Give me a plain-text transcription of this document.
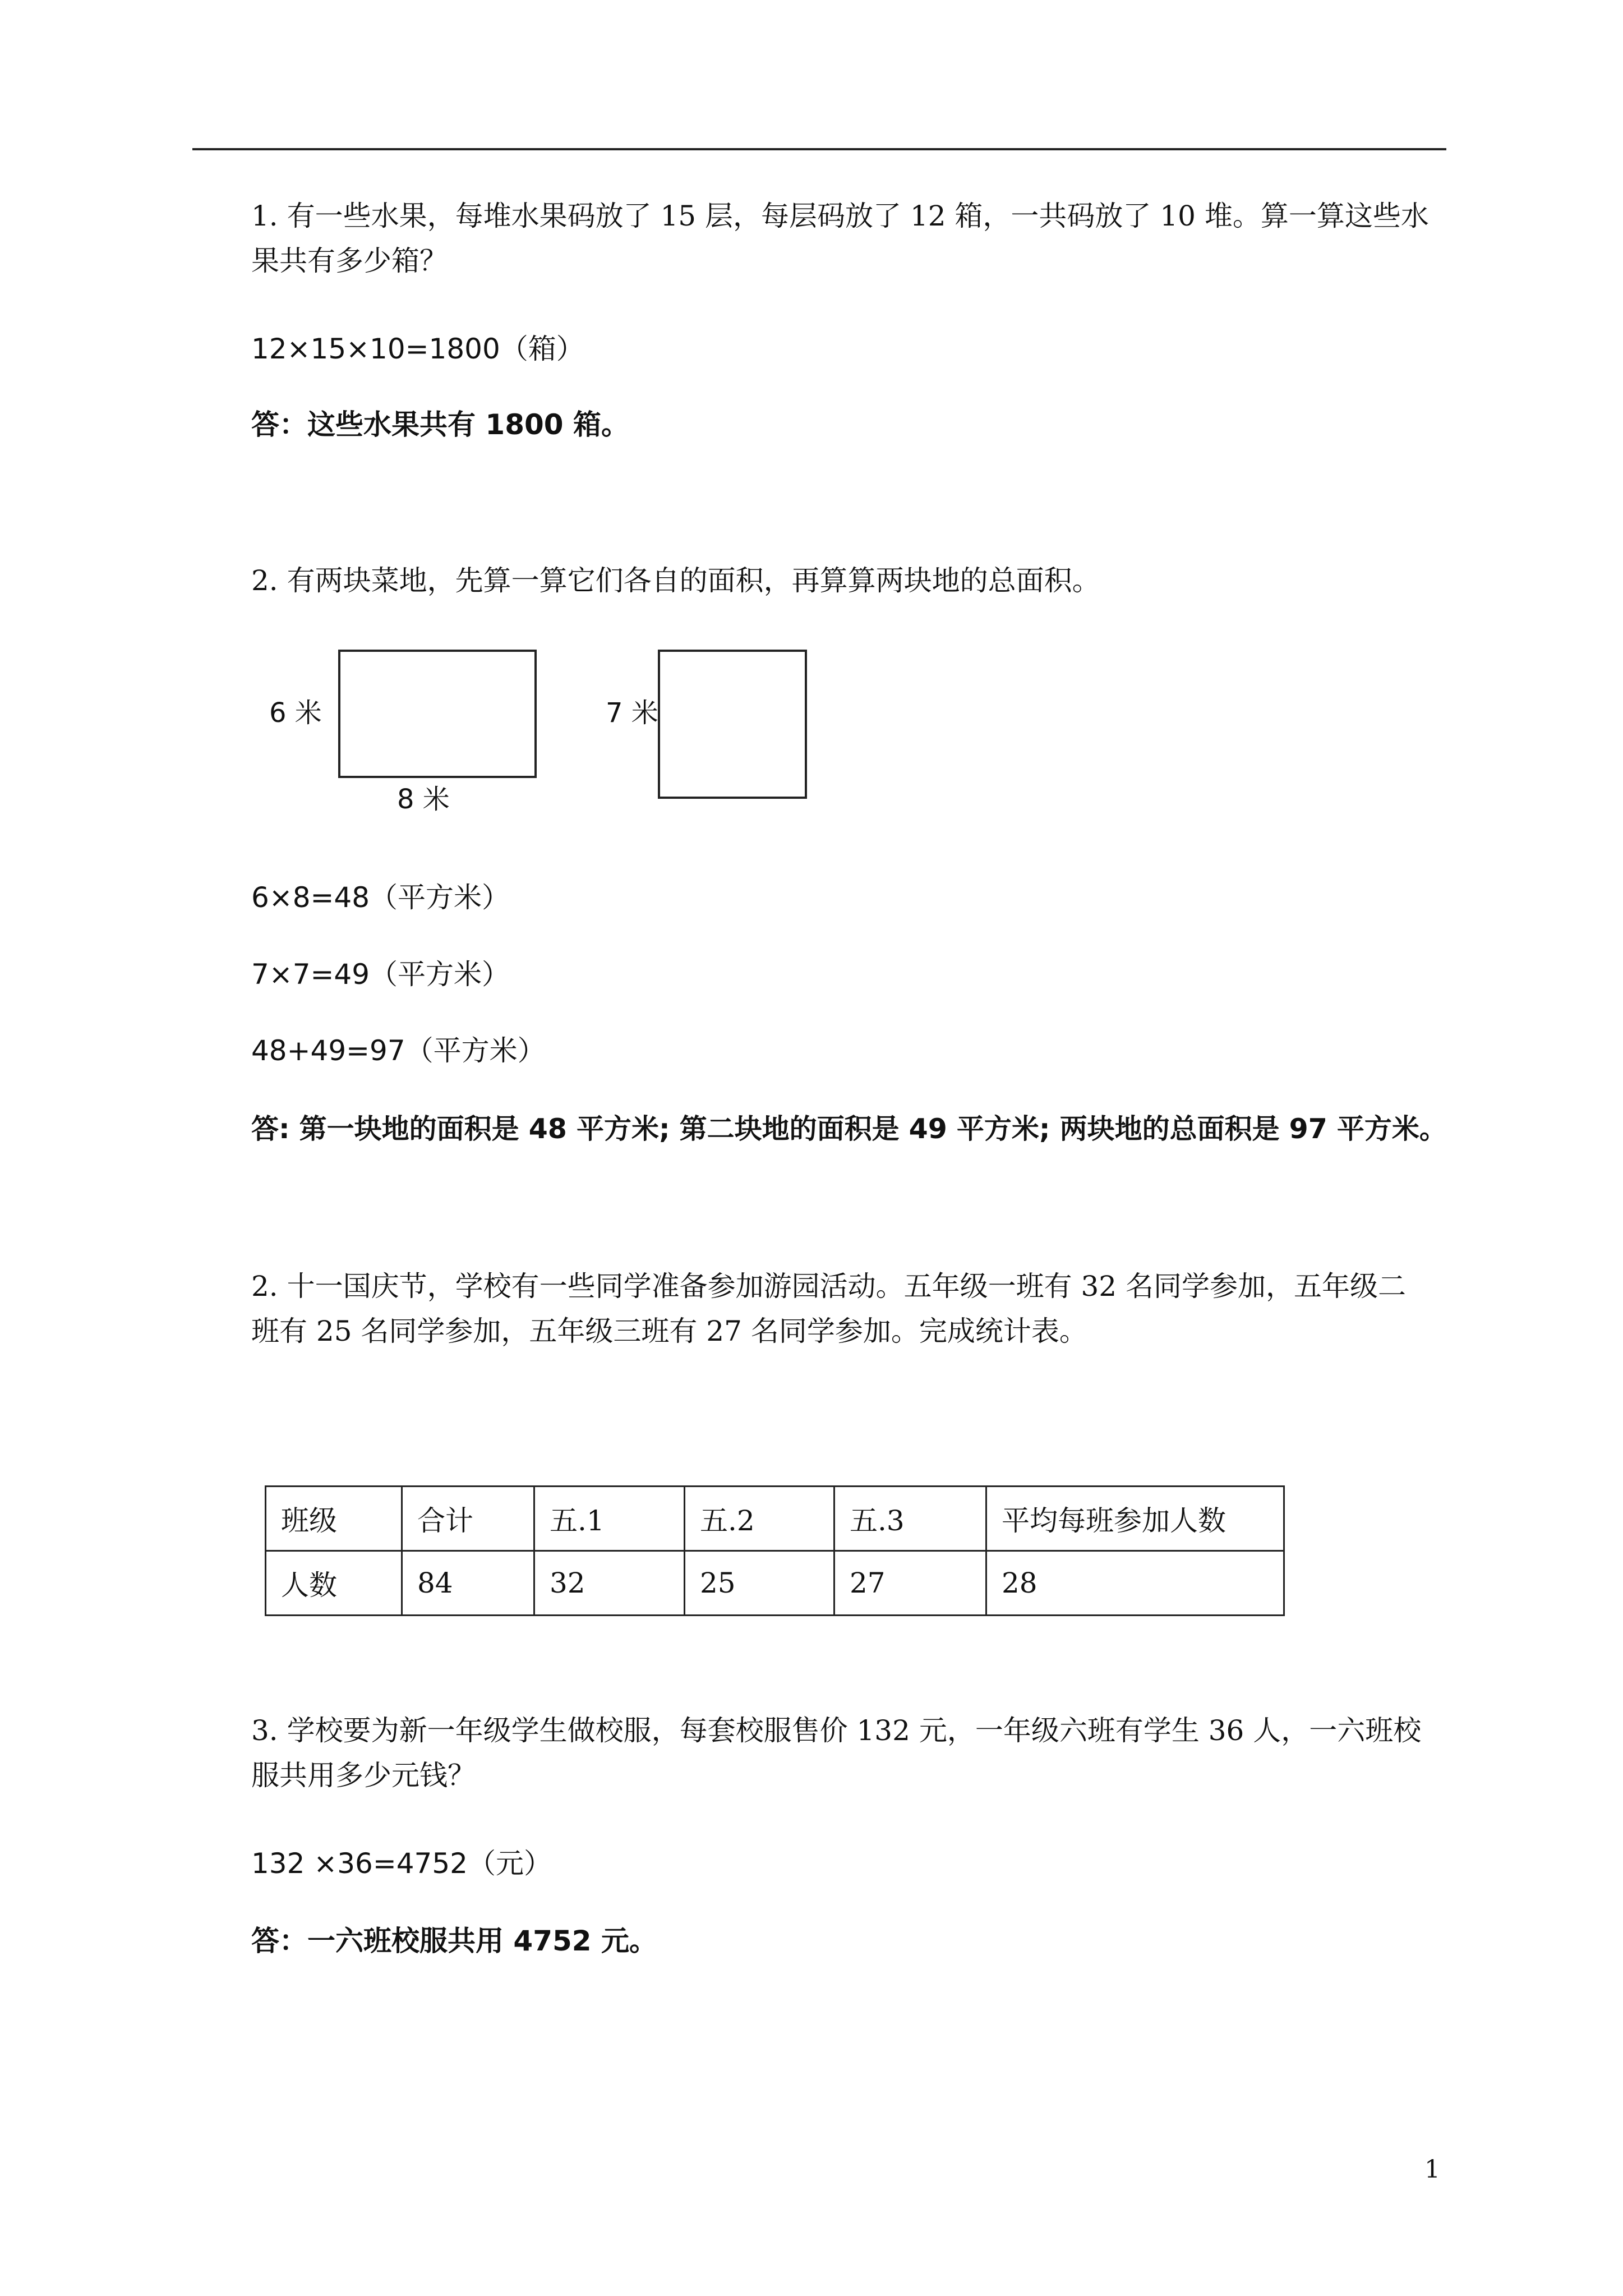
1. 有一些水果，每堆水果码放了 15 层，每层码放了 12 箱，一共码放了 10 堆。算一算这些水
果共有多少箱？
12×15×10=1800（箱）
答：这些水果共有 1800 箱。
2. 有两块菜地，先算一算它们各自的面积，再算算两块地的总面积。
6 米
8 米
7 米
6×8=48（平方米）
7×7=49（平方米）
48+49=97（平方米）
答: 第一块地的面积是 48 平方米; 第二块地的面积是 49 平方米; 两块地的总面积是 97 平方米。
2. 十一国庆节，学校有一些同学准备参加游园活动。五年级一班有 32 名同学参加，五年级二
班有 25 名同学参加，五年级三班有 27 名同学参加。完成统计表。
班级	合计	五.1	五.2	五.3	平均每班参加人数
人数	84	32	25	27	28
3. 学校要为新一年级学生做校服，每套校服售价 132 元，一年级六班有学生 36 人，一六班校
服共用多少元钱？
132 ×36=4752（元）
答：一六班校服共用 4752 元。
1
